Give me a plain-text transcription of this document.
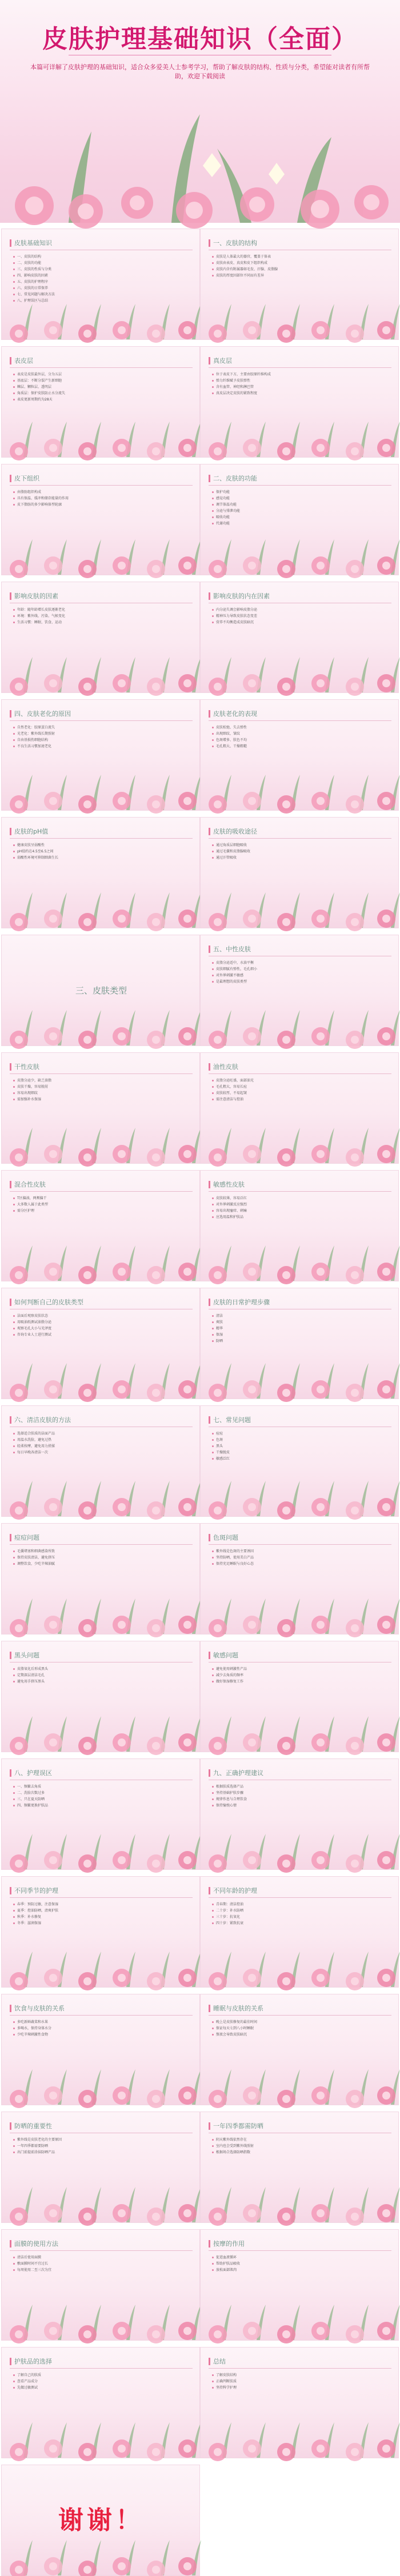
皮肤护理基础知识（全面）
本篇可详解了皮肤护理的基础知识，适合众多爱美人士参考学习，帮助了解皮肤的结构、性质与分类，希望能对读者有所帮助，欢迎下载阅读
皮肤基础知识
一、皮肤的结构
二、皮肤的功能
三、皮肤的性质与分类
四、影响皮肤的因素
五、皮肤的护理程序
六、皮肤的日常保养
七、常见问题与解决方法
八、护理误区与总结
一、皮肤的结构
皮肤是人体最大的器官，覆盖于体表
皮肤由表皮、真皮和皮下组织构成
皮肤内含有附属器如毛发、汗腺、皮脂腺
皮肤的厚度因部位不同而有差异
表皮层
表皮是皮肤最外层，分为五层
基底层：不断分裂产生新细胞
棘层、颗粒层、透明层
角质层：保护皮肤防止水分流失
表皮更新周期约为28天
真皮层
位于表皮下方，主要由胶原纤维构成
弹力纤维赋予皮肤弹性
含有血管、神经和淋巴管
真皮层决定皮肤的紧致程度
皮下组织
由脂肪组织构成
具有保温、缓冲和储存能量的作用
皮下脂肪的多少影响体型轮廓
二、皮肤的功能
保护功能
感觉功能
调节体温功能
分泌与排泄功能
吸收功能
代谢功能
影响皮肤的因素
年龄：随年龄增长皮肤逐渐老化
环境：紫外线、污染、气候变化
生活习惯：睡眠、饮食、运动
影响皮肤的内在因素
内分泌失调会影响皮脂分泌
精神压力导致皮肤状态变差
营养不均衡造成皮肤暗沉
四、皮肤老化的原因
自然老化：胶原蛋白流失
光老化：紫外线长期照射
自由基损伤细胞结构
不良生活习惯加速老化
皮肤老化的表现
皮肤松弛、失去弹性
出现细纹、皱纹
色斑增多、肤色不均
毛孔粗大、干燥粗糙
皮肤的pH值
健康皮肤呈弱酸性
pH值约在4.5至6.5之间
弱酸性环境可抑制细菌生长
皮肤的吸收途径
通过角质层细胞吸收
通过毛囊和皮脂腺吸收
通过汗管吸收
三、皮肤类型
五、中性皮肤
皮脂分泌适中，水油平衡
皮肤细腻有弹性，毛孔细小
对外界刺激不敏感
是最理想的皮肤类型
干性皮肤
皮脂分泌少，缺乏油脂
皮肤干燥，容易脱屑
容易出现细纹
需加强补水保湿
油性皮肤
皮脂分泌旺盛，面部油光
毛孔粗大，容易长痘
皮肤较厚，不易起皱
需注意清洁与控油
混合性皮肤
T区偏油，两颊偏干
大多数人属于此类型
需分区护理
敏感性皮肤
皮肤较薄，容易泛红
对外界刺激反应强烈
容易出现瘙痒、刺痛
应选用温和护肤品
如何判断自己的皮肤类型
洁面后观察皮肤状态
用吸油纸测试油脂分泌
观察毛孔大小与光泽度
咨询专业人士进行测试
皮肤的日常护理步骤
清洁
爽肤
精华
保湿
防晒
六、清洁皮肤的方法
选择适合肤质的洁面产品
用温水洗脸，避免过热
轻柔按摩，避免用力搓揉
每日早晚各清洁一次
七、常见问题
痘痘
色斑
黑头
干燥脱皮
敏感泛红
痘痘问题
毛囊堵塞和细菌感染所致
保持皮肤清洁，避免挤压
调整饮食，少吃辛辣油腻
色斑问题
紫外线是色斑的主要诱因
坚持防晒，使用美白产品
保持充足睡眠与良好心态
黑头问题
皮脂氧化后形成黑头
定期深层清洁毛孔
避免用手挤压黑头
敏感问题
避免使用刺激性产品
减少去角质的频率
做好保湿修复工作
八、护理误区
一、频繁去角质
二、洗脸次数过多
三、只在夏天防晒
四、频繁更换护肤品
九、正确护理建议
根据肤质选择产品
坚持基础护肤步骤
规律作息与合理饮食
保持愉悦心情
不同季节的护理
春季：预防过敏，注意保湿
夏季：控油防晒，清爽护肤
秋季：补水修复
冬季：滋润保湿
不同年龄的护理
青春期：清洁控油
二十岁：补水防晒
三十岁：抗氧化
四十岁：紧致抗衰
饮食与皮肤的关系
多吃新鲜蔬菜和水果
多喝水，保持身体水分
少吃辛辣刺激性食物
睡眠与皮肤的关系
晚上是皮肤修复的最佳时间
保证每天七到八小时睡眠
熬夜会导致皮肤暗沉
防晒的重要性
紫外线是皮肤老化的主要原因
一年四季都需要防晒
出门前提前涂抹防晒产品
一年四季都需防晒
阴天紫外线依然存在
室内也会受到紫外线照射
根据场合选择防晒指数
面膜的使用方法
清洁后使用面膜
敷面膜时间不宜过长
每周使用二至三次为宜
按摩的作用
促进血液循环
帮助护肤品吸收
放松面部肌肉
护肤品的选择
了解自己的肤质
查看产品成分
先做过敏测试
总结
了解皮肤结构
正确判断肤质
坚持科学护理
谢谢！
